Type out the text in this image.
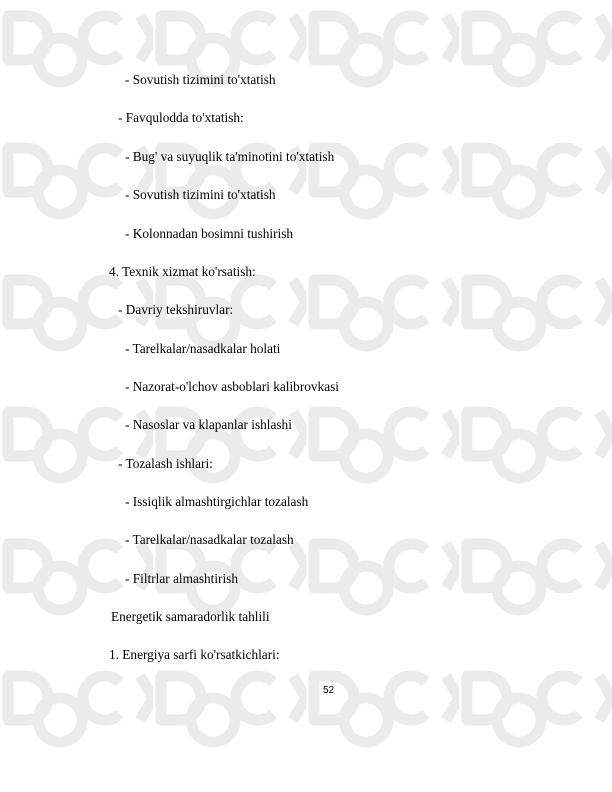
- Sovutish tizimini to'xtatish
- Favqulodda to'xtatish:
- Bug' va suyuqlik ta'minotini to'xtatish
- Sovutish tizimini to'xtatish
- Kolonnadan bosimni tushirish
4. Texnik xizmat ko'rsatish:
- Davriy tekshiruvlar:
- Tarelkalar/nasadkalar holati
- Nazorat-o'lchov asboblari kalibrovkasi
- Nasoslar va klapanlar ishlashi
- Tozalash ishlari:
- Issiqlik almashtirgichlar tozalash
- Tarelkalar/nasadkalar tozalash
- Filtrlar almashtirish
Energetik samaradorlik tahlili
1. Energiya sarfi ko'rsatkichlari:
52
